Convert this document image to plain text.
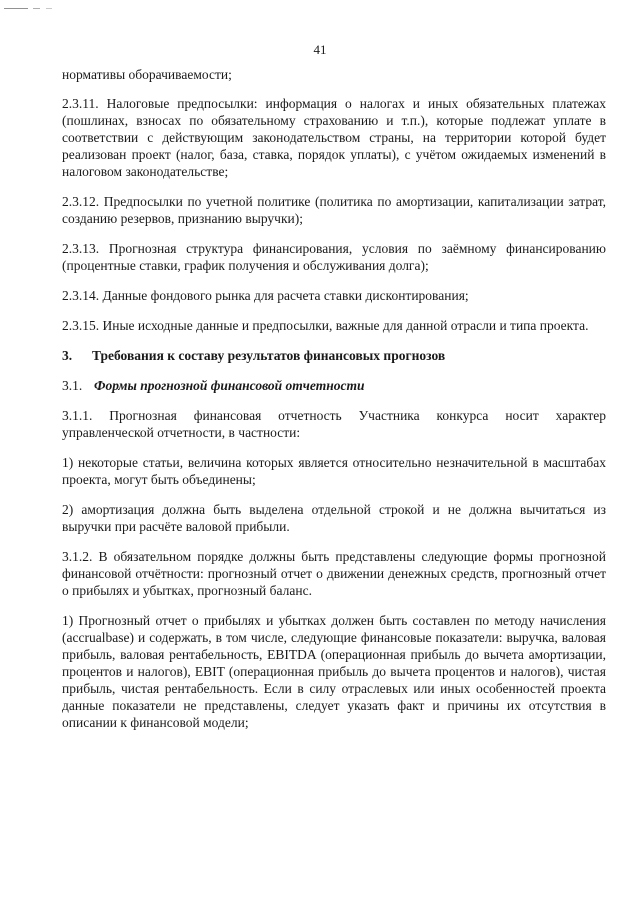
41

нормативы оборачиваемости;

2.3.11. Налоговые предпосылки: информация о налогах и иных обязательных платежах (пошлинах, взносах по обязательному страхованию и т.п.), которые подлежат уплате в соответствии с действующим законодательством страны, на территории которой будет реализован проект (налог, база, ставка, порядок уплаты), с учётом ожидаемых изменений в налоговом законодательстве;

2.3.12. Предпосылки по учетной политике (политика по амортизации, капитализации затрат, созданию резервов, признанию выручки);

2.3.13. Прогнозная структура финансирования, условия по заёмному финансированию (процентные ставки, график получения и обслуживания долга);

2.3.14. Данные фондового рынка для расчета ставки дисконтирования;

2.3.15. Иные исходные данные и предпосылки, важные для данной отрасли и типа проекта.

3. Требования к составу результатов финансовых прогнозов

3.1. Формы прогнозной финансовой отчетности

3.1.1. Прогнозная финансовая отчетность Участника конкурса носит характер управленческой отчетности, в частности:

1) некоторые статьи, величина которых является относительно незначительной в масштабах проекта, могут быть объединены;

2) амортизация должна быть выделена отдельной строкой и не должна вычитаться из выручки при расчёте валовой прибыли.

3.1.2. В обязательном порядке должны быть представлены следующие формы прогнозной финансовой отчётности: прогнозный отчет о движении денежных средств, прогнозный отчет о прибылях и убытках, прогнозный баланс.

1) Прогнозный отчет о прибылях и убытках должен быть составлен по методу начисления (accrualbase) и содержать, в том числе, следующие финансовые показатели: выручка, валовая прибыль, валовая рентабельность, EBITDA (операционная прибыль до вычета амортизации, процентов и налогов), EBIT (операционная прибыль до вычета процентов и налогов), чистая прибыль, чистая рентабельность. Если в силу отраслевых или иных особенностей проекта данные показатели не представлены, следует указать факт и причины их отсутствия в описании к финансовой модели;
